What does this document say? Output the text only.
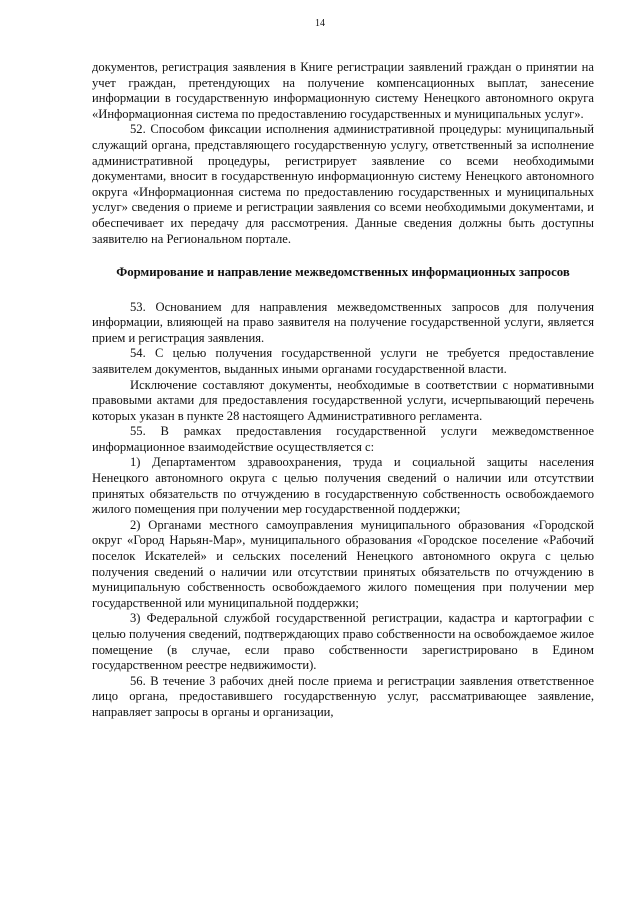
14

документов, регистрация заявления в Книге регистрации заявлений граждан о принятии на учет граждан, претендующих на получение компенсационных выплат, занесение информации в государственную информационную систему Ненецкого автономного округа «Информационная система по предоставлению государственных и муниципальных услуг».

52. Способом фиксации исполнения административной процедуры: муниципальный служащий органа, представляющего государственную услугу, ответственный за исполнение административной процедуры, регистрирует заявление со всеми необходимыми документами, вносит в государственную информационную систему Ненецкого автономного округа «Информационная система по предоставлению государственных и муниципальных услуг» сведения о приеме и регистрации заявления со всеми необходимыми документами, и обеспечивает их передачу для рассмотрения. Данные сведения должны быть доступны заявителю на Региональном портале.

Формирование и направление межведомственных информационных запросов

53. Основанием для направления межведомственных запросов для получения информации, влияющей на право заявителя на получение государственной услуги, является прием и регистрация заявления.

54. С целью получения государственной услуги не требуется предоставление заявителем документов, выданных иными органами государственной власти.

Исключение составляют документы, необходимые в соответствии с нормативными правовыми актами для предоставления государственной услуги, исчерпывающий перечень которых указан в пункте 28 настоящего Административного регламента.

55. В рамках предоставления государственной услуги межведомственное информационное взаимодействие осуществляется с:

1) Департаментом здравоохранения, труда и социальной защиты населения Ненецкого автономного округа с целью получения сведений о наличии или отсутствии принятых обязательств по отчуждению в государственную собственность освобождаемого жилого помещения при получении мер государственной поддержки;

2) Органами местного самоуправления муниципального образования «Городской округ «Город Нарьян-Мар», муниципального образования «Городское поселение «Рабочий поселок Искателей» и сельских поселений Ненецкого автономного округа с целью получения сведений о наличии или отсутствии принятых обязательств по отчуждению в муниципальную собственность освобождаемого жилого помещения при получении мер государственной или муниципальной поддержки;

3) Федеральной службой государственной регистрации, кадастра и картографии с целью получения сведений, подтверждающих право собственности на освобождаемое жилое помещение (в случае, если право собственности зарегистрировано в Едином государственном реестре недвижимости).

56. В течение 3 рабочих дней после приема и регистрации заявления ответственное лицо органа, предоставившего государственную услуг, рассматривающее заявление, направляет запросы в органы и организации,
